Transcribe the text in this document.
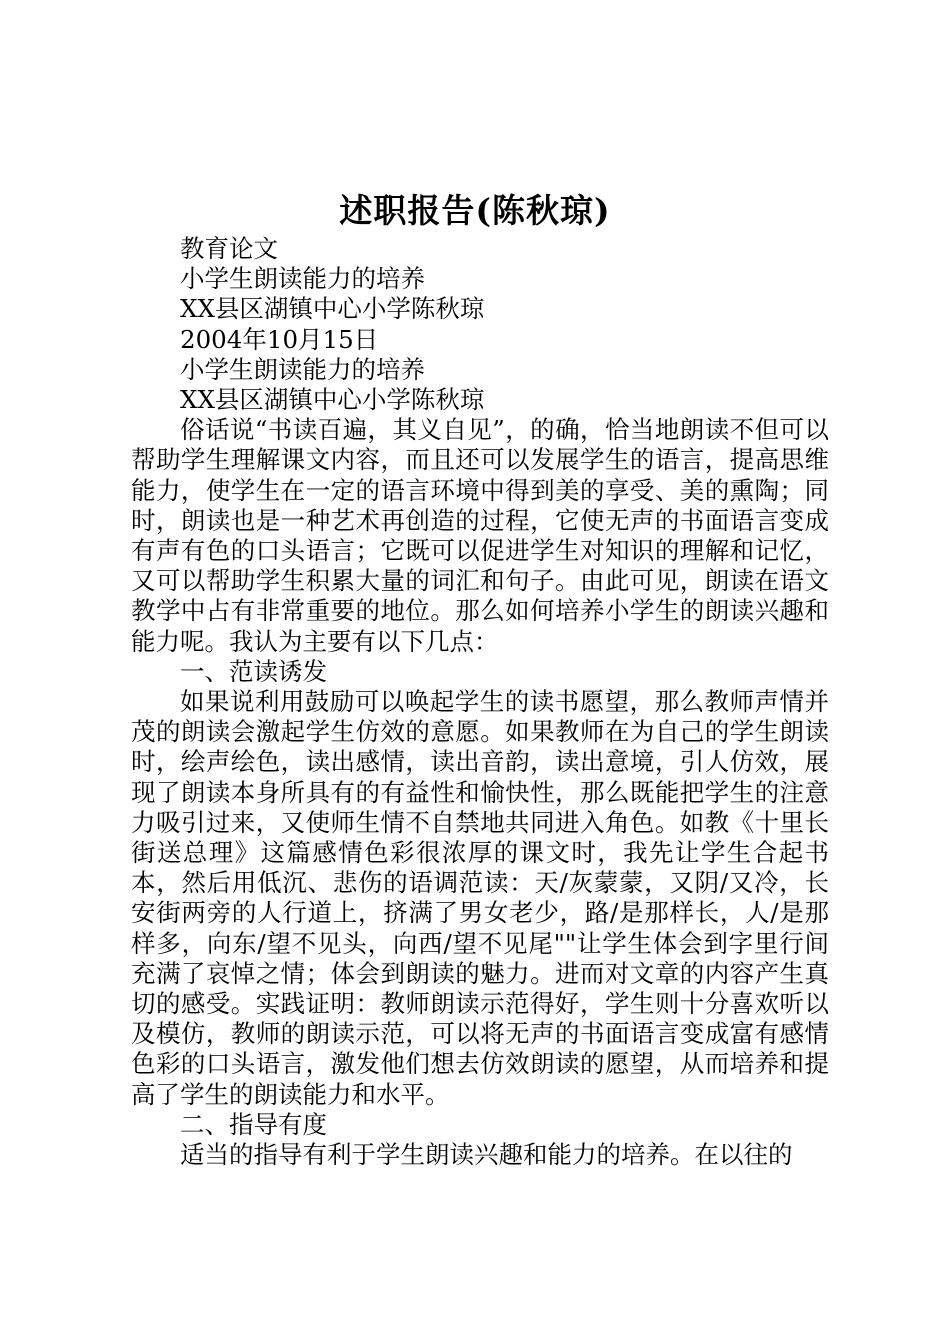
述职报告(陈秋琼)
教育论文
小学生朗读能力的培养
XX县区湖镇中心小学陈秋琼
2004年10月15日
小学生朗读能力的培养
XX县区湖镇中心小学陈秋琼

俗话说“书读百遍，其义自见”，的确，恰当地朗读不但可以帮助学生理解课文内容，而且还可以发展学生的语言，提高思维能力，使学生在一定的语言环境中得到美的享受、美的熏陶；同时，朗读也是一种艺术再创造的过程，它使无声的书面语言变成有声有色的口头语言；它既可以促进学生对知识的理解和记忆，又可以帮助学生积累大量的词汇和句子。由此可见，朗读在语文教学中占有非常重要的地位。那么如何培养小学生的朗读兴趣和能力呢。我认为主要有以下几点：

一、范读诱发

如果说利用鼓励可以唤起学生的读书愿望，那么教师声情并茂的朗读会激起学生仿效的意愿。如果教师在为自己的学生朗读时，绘声绘色，读出感情，读出音韵，读出意境，引人仿效，展现了朗读本身所具有的有益性和愉快性，那么既能把学生的注意力吸引过来，又使师生情不自禁地共同进入角色。如教《十里长街送总理》这篇感情色彩很浓厚的课文时，我先让学生合起书本，然后用低沉、悲伤的语调范读：天/灰蒙蒙，又阴/又冷，长安街两旁的人行道上，挤满了男女老少，路/是那样长，人/是那样多，向东/望不见头，向西/望不见尾""让学生体会到字里行间充满了哀悼之情；体会到朗读的魅力。进而对文章的内容产生真切的感受。实践证明：教师朗读示范得好，学生则十分喜欢听以及模仿，教师的朗读示范，可以将无声的书面语言变成富有感情色彩的口头语言，激发他们想去仿效朗读的愿望，从而培养和提高了学生的朗读能力和水平。

二、指导有度

适当的指导有利于学生朗读兴趣和能力的培养。在以往的
